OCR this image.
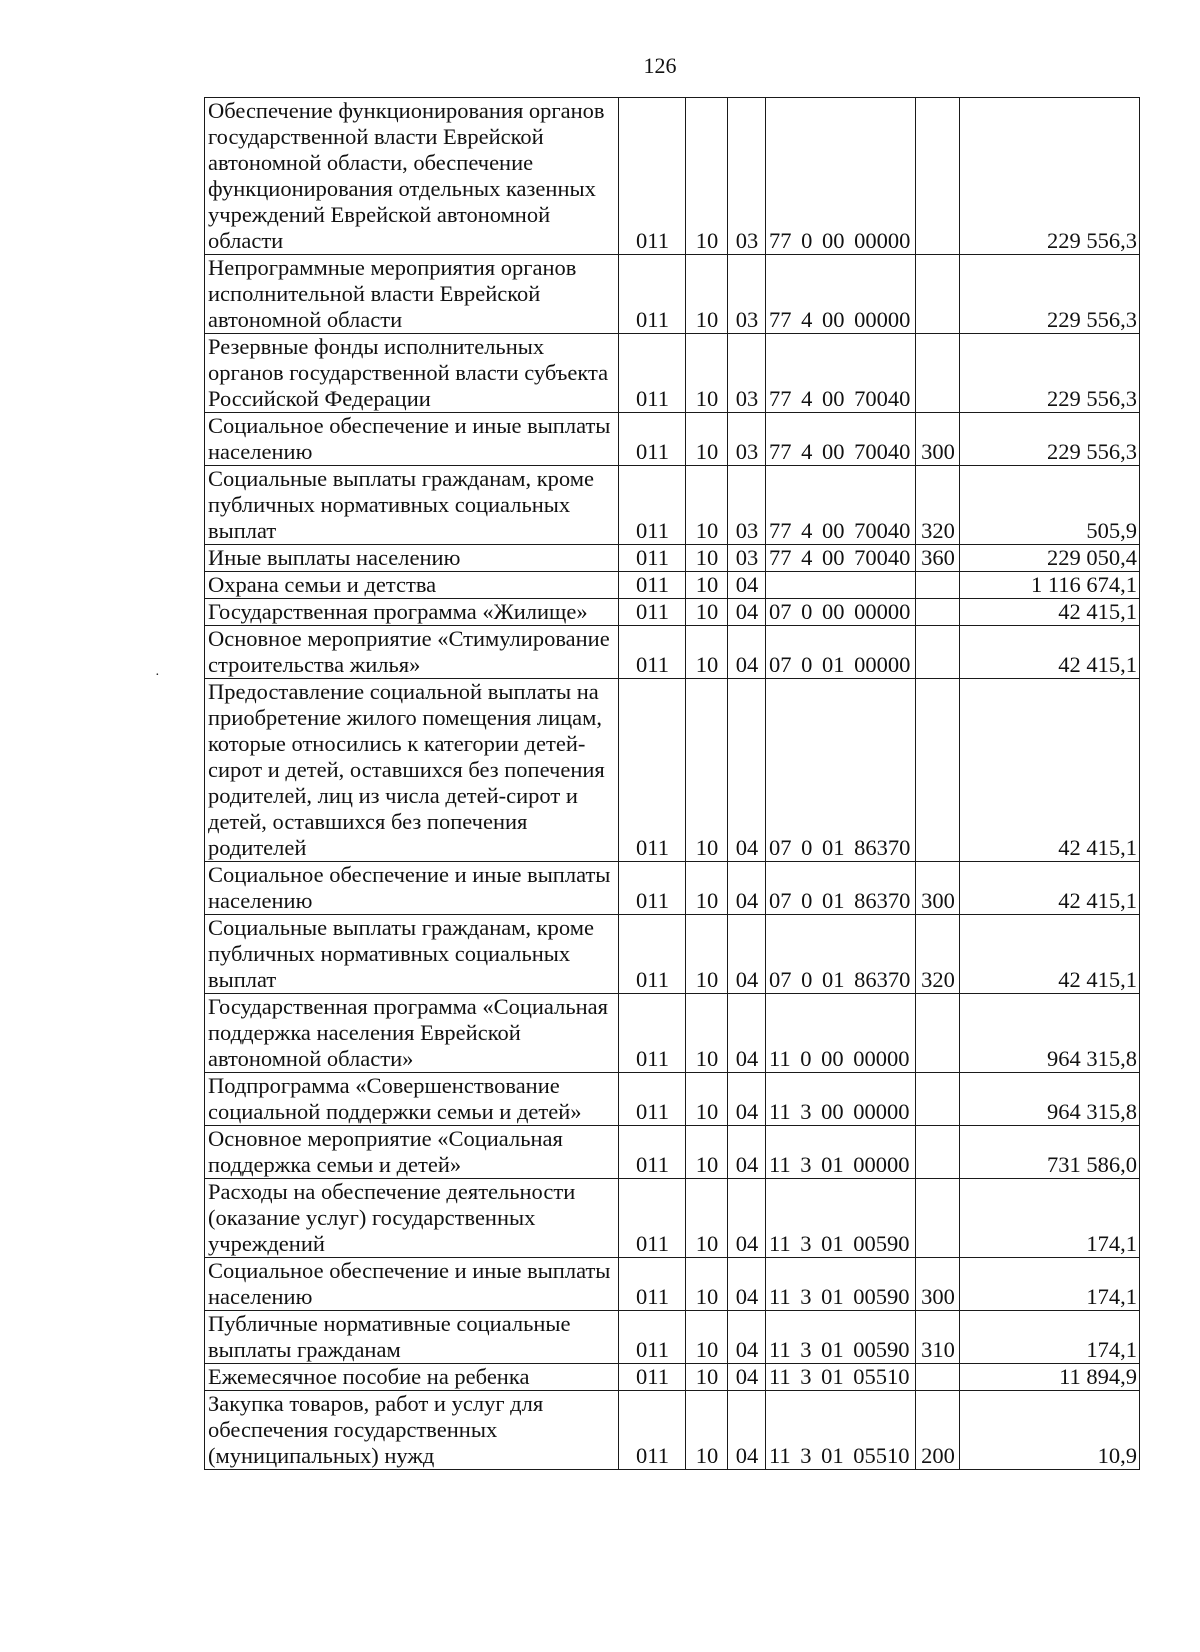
126
·
Обеспечение функционирования органов государственной власти Еврейской автономной области, обеспечение функционирования отдельных казенных учреждений Еврейской автономной области	011	10	03	77 0 00 00000		229 556,3
Непрограммные мероприятия органов исполнительной власти Еврейской автономной области	011	10	03	77 4 00 00000		229 556,3
Резервные фонды исполнительных органов государственной власти субъекта Российской Федерации	011	10	03	77 4 00 70040		229 556,3
Социальное обеспечение и иные выплаты населению	011	10	03	77 4 00 70040	300	229 556,3
Социальные выплаты гражданам, кроме публичных нормативных социальных выплат	011	10	03	77 4 00 70040	320	505,9
Иные выплаты населению	011	10	03	77 4 00 70040	360	229 050,4
Охрана семьи и детства	011	10	04			1 116 674,1
Государственная программа «Жилище»	011	10	04	07 0 00 00000		42 415,1
Основное мероприятие «Стимулирование строительства жилья»	011	10	04	07 0 01 00000		42 415,1
Предоставление социальной выплаты на приобретение жилого помещения лицам, которые относились к категории детей-сирот и детей, оставшихся без попечения родителей, лиц из числа детей-сирот и детей, оставшихся без попечения родителей	011	10	04	07 0 01 86370		42 415,1
Социальное обеспечение и иные выплаты населению	011	10	04	07 0 01 86370	300	42 415,1
Социальные выплаты гражданам, кроме публичных нормативных социальных выплат	011	10	04	07 0 01 86370	320	42 415,1
Государственная программа «Социальная поддержка населения Еврейской автономной области»	011	10	04	11 0 00 00000		964 315,8
Подпрограмма «Совершенствование социальной поддержки семьи и детей»	011	10	04	11 3 00 00000		964 315,8
Основное мероприятие «Социальная поддержка семьи и детей»	011	10	04	11 3 01 00000		731 586,0
Расходы на обеспечение деятельности (оказание услуг) государственных учреждений	011	10	04	11 3 01 00590		174,1
Социальное обеспечение и иные выплаты населению	011	10	04	11 3 01 00590	300	174,1
Публичные нормативные социальные выплаты гражданам	011	10	04	11 3 01 00590	310	174,1
Ежемесячное пособие на ребенка	011	10	04	11 3 01 05510		11 894,9
Закупка товаров, работ и услуг для обеспечения государственных (муниципальных) нужд	011	10	04	11 3 01 05510	200	10,9
